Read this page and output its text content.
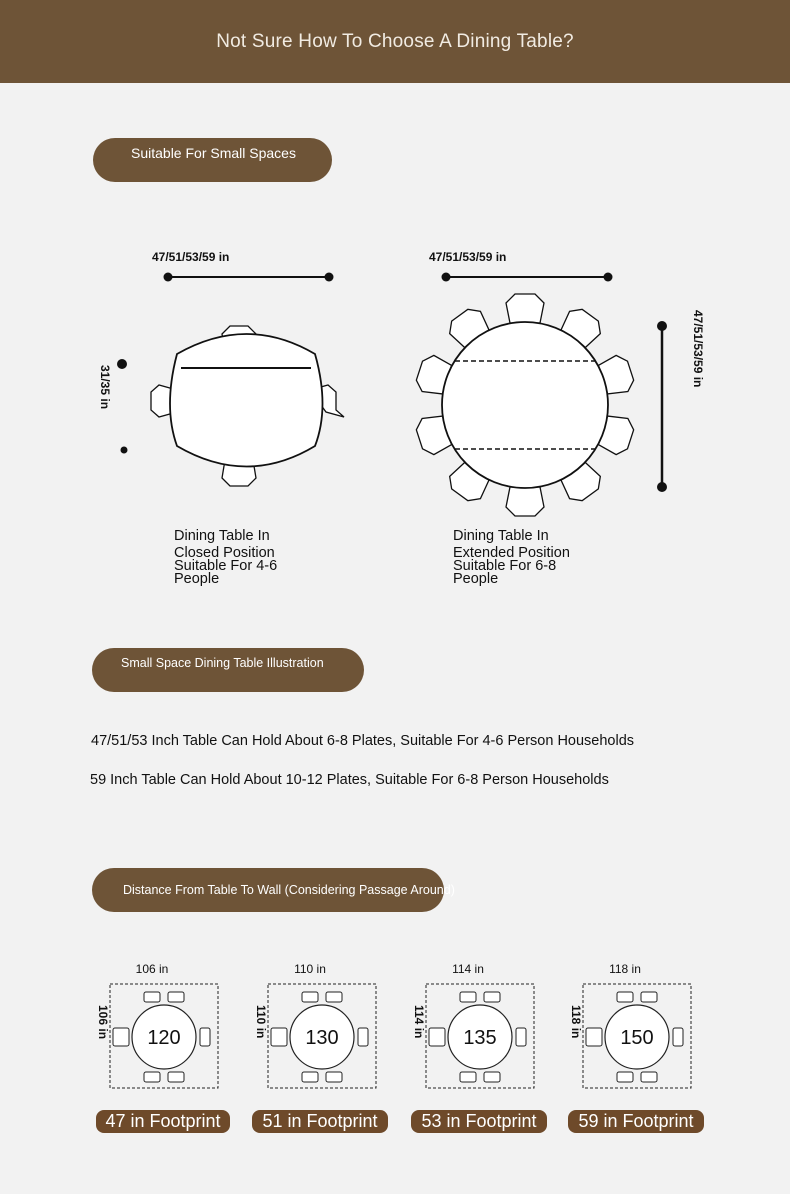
Not Sure How To Choose A Dining Table?
Suitable For Small Spaces
47/51/53/59 in
31/35 in
Dining Table In
Closed Position
Suitable For 4-6
People
47/51/53/59 in
47/51/53/59 in
Dining Table In
Extended Position
Suitable For 6-8
People
Small Space Dining Table Illustration
47/51/53 Inch Table Can Hold About 6-8 Plates, Suitable For 4-6 Person Households
59 Inch Table Can Hold About 10-12 Plates, Suitable For 6-8 Person Households
Distance From Table To Wall (Considering Passage Around)
106 in
106 in 120
47 in Footprint
110 in
110 in 130
51 in Footprint
114 in
114 in 135
53 in Footprint
118 in
118 in 150
59 in Footprint
